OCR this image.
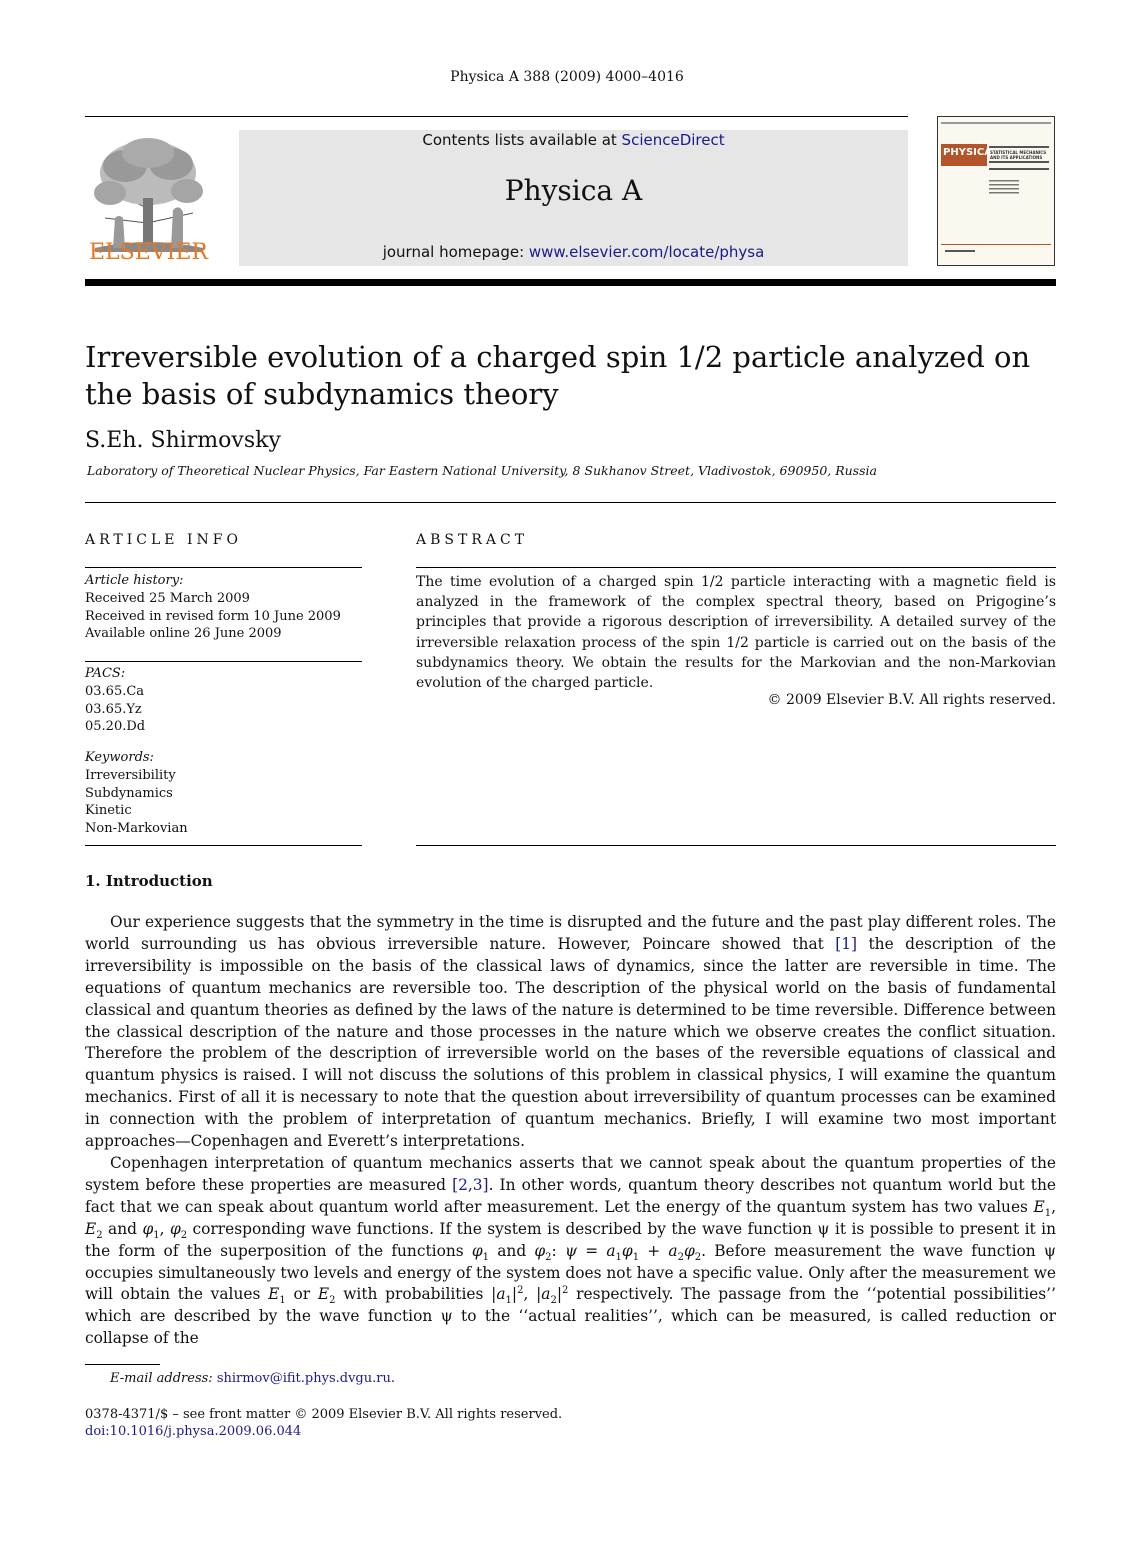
Physica A 388 (2009) 4000–4016
ELSEVIER
Contents lists available at ScienceDirect
Physica A
journal homepage: www.elsevier.com/locate/physa
PHYSICA
STATISTICAL MECHANICS AND ITS APPLICATIONS
Irreversible evolution of a charged spin 1/2 particle analyzed on the basis of subdynamics theory
S.Eh. Shirmovsky
Laboratory of Theoretical Nuclear Physics, Far Eastern National University, 8 Sukhanov Street, Vladivostok, 690950, Russia
ARTICLE INFO	ABSTRACT
Article history:
Received 25 March 2009
Received in revised form 10 June 2009
Available online 26 June 2009
PACS:
03.65.Ca
03.65.Yz
05.20.Dd
Keywords:
Irreversibility
Subdynamics
Kinetic
Non-Markovian
The time evolution of a charged spin 1/2 particle interacting with a magnetic field is analyzed in the framework of the complex spectral theory, based on Prigogine’s principles that provide a rigorous description of irreversibility. A detailed survey of the irreversible relaxation process of the spin 1/2 particle is carried out on the basis of the subdynamics theory. We obtain the results for the Markovian and the non-Markovian evolution of the charged particle.
© 2009 Elsevier B.V. All rights reserved.
1. Introduction

Our experience suggests that the symmetry in the time is disrupted and the future and the past play different roles. The world surrounding us has obvious irreversible nature. However, Poincare showed that [1] the description of the irreversibility is impossible on the basis of the classical laws of dynamics, since the latter are reversible in time. The equations of quantum mechanics are reversible too. The description of the physical world on the basis of fundamental classical and quantum theories as defined by the laws of the nature is determined to be time reversible. Difference between the classical description of the nature and those processes in the nature which we observe creates the conflict situation. Therefore the problem of the description of irreversible world on the bases of the reversible equations of classical and quantum physics is raised. I will not discuss the solutions of this problem in classical physics, I will examine the quantum mechanics. First of all it is necessary to note that the question about irreversibility of quantum processes can be examined in connection with the problem of interpretation of quantum mechanics. Briefly, I will examine two most important approaches—Copenhagen and Everett’s interpretations.

Copenhagen interpretation of quantum mechanics asserts that we cannot speak about the quantum properties of the system before these properties are measured [2,3]. In other words, quantum theory describes not quantum world but the fact that we can speak about quantum world after measurement. Let the energy of the quantum system has two values $E_1$, $E_2$ and $\varphi_1$, $\varphi_2$ corresponding wave functions. If the system is described by the wave function ψ it is possible to present it in the form of the superposition of the functions $\varphi_1$ and $\varphi_2$: $\psi = a_1\varphi_1 + a_2\varphi_2$. Before measurement the wave function ψ occupies simultaneously two levels and energy of the system does not have a specific value. Only after the measurement we will obtain the values $E_1$ or $E_2$ with probabilities $|a_1|^2$, $|a_2|^2$ respectively. The passage from the ‘‘potential possibilities’’ which are described by the wave function ψ to the ‘‘actual realities’’, which can be measured, is called reduction or collapse of the

E-mail address: shirmov@ifit.phys.dvgu.ru.
0378-4371/$ – see front matter © 2009 Elsevier B.V. All rights reserved.
doi:10.1016/j.physa.2009.06.044
